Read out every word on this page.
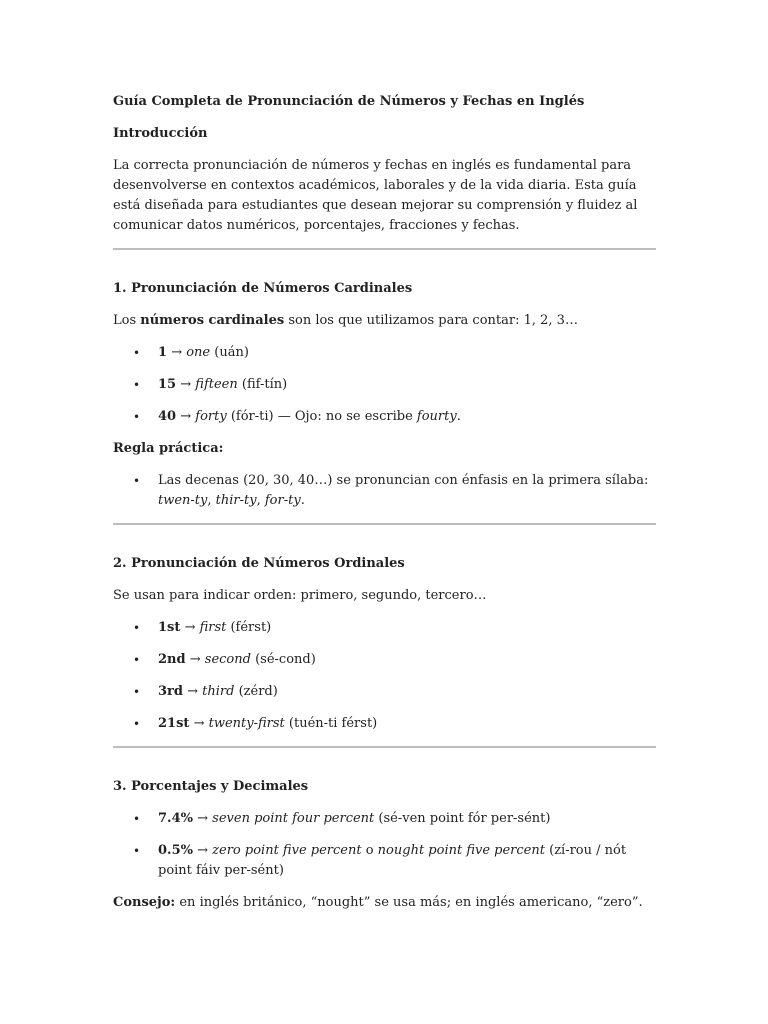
Guía Completa de Pronunciación de Números y Fechas en Inglés

Introducción

La correcta pronunciación de números y fechas en inglés es fundamental para desenvolverse en contextos académicos, laborales y de la vida diaria. Esta guía está diseñada para estudiantes que desean mejorar su comprensión y fluidez al comunicar datos numéricos, porcentajes, fracciones y fechas.

1. Pronunciación de Números Cardinales

Los números cardinales son los que utilizamos para contar: 1, 2, 3…

• 1 → one (uán)
• 15 → fifteen (fif-tín)
• 40 → forty (fór-ti) — Ojo: no se escribe fourty.

Regla práctica:

• Las decenas (20, 30, 40…) se pronuncian con énfasis en la primera sílaba: twen-ty, thir-ty, for-ty.

2. Pronunciación de Números Ordinales

Se usan para indicar orden: primero, segundo, tercero…

• 1st → first (férst)
• 2nd → second (sé-cond)
• 3rd → third (zérd)
• 21st → twenty-first (tuén-ti férst)

3. Porcentajes y Decimales

• 7.4% → seven point four percent (sé-ven point fór per-sént)
• 0.5% → zero point five percent o nought point five percent (zí-rou / nót point fáiv per-sént)

Consejo: en inglés británico, “nought” se usa más; en inglés americano, “zero”.
